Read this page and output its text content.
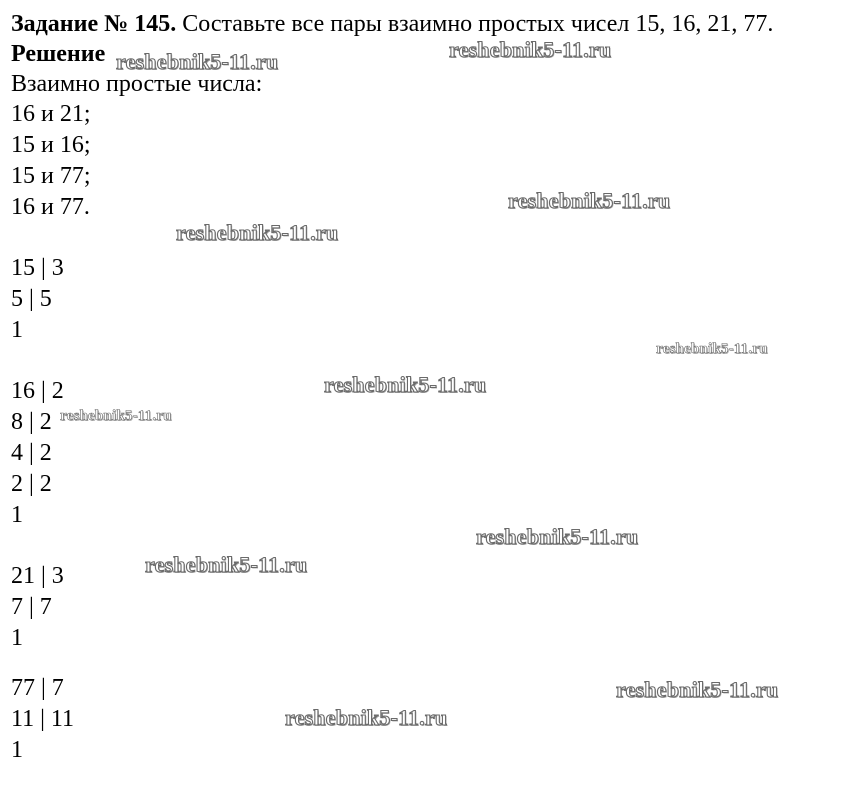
Задание № 145. Составьте все пары взаимно простых чисел 15, 16, 21, 77.
Решение
Взаимно простые числа:
16 и 21;
15 и 16;
15 и 77;
16 и 77.
15 | 3
5 | 5
1
16 | 2
8 | 2
4 | 2
2 | 2
1
21 | 3
7 | 7
1
77 | 7
11 | 11
1
reshebnik5-11.ru	reshebnik5-11.ru
reshebnik5-11.ru
reshebnik5-11.ru
reshebnik5-11.ru
reshebnik5-11.ru
reshebnik5-11.ru
reshebnik5-11.ru
reshebnik5-11.ru
reshebnik5-11.ru
reshebnik5-11.ru
